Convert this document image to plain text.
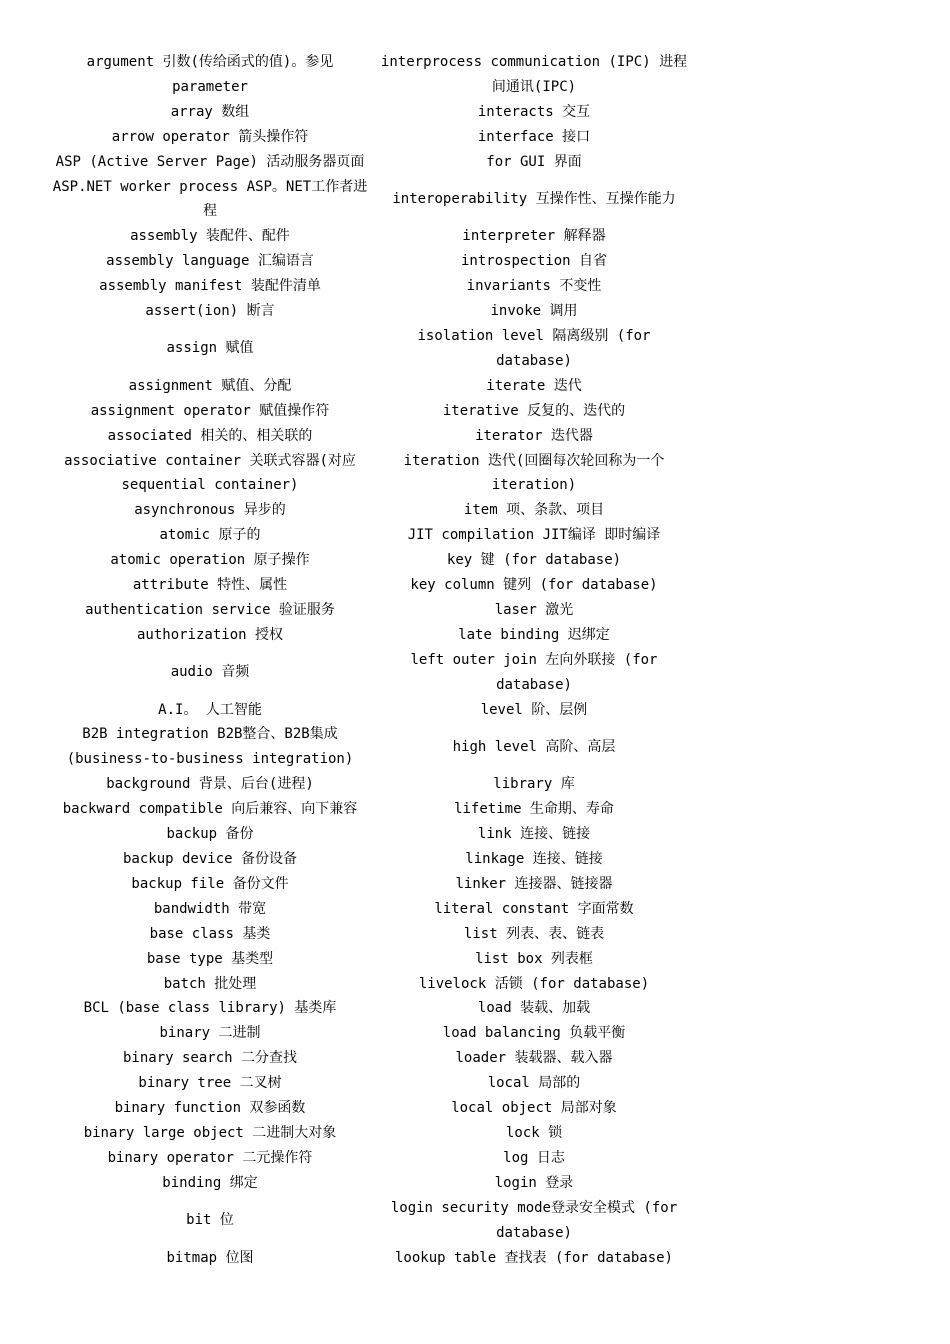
argument 引数(传给函式的值)。参见 parameter	interprocess communication (IPC) 进程间通讯(IPC)
array 数组	interacts 交互
arrow operator 箭头操作符	interface 接口
ASP (Active Server Page) 活动服务器页面	for GUI 界面
ASP.NET worker process ASP。NET工作者进程	interoperability 互操作性、互操作能力
assembly 装配件、配件	interpreter 解释器
assembly language 汇编语言	introspection 自省
assembly manifest 装配件清单	invariants 不变性
assert(ion) 断言	invoke 调用
assign 赋值	isolation level 隔离级别 (for database)
assignment 赋值、分配	iterate 迭代
assignment operator 赋值操作符	iterative 反复的、迭代的
associated 相关的、相关联的	iterator 迭代器
associative container 关联式容器(对应 sequential container)	iteration 迭代(回圈每次轮回称为一个 iteration)
asynchronous 异步的	item 项、条款、项目
atomic 原子的	JIT compilation JIT编译 即时编译
atomic operation 原子操作	key 键 (for database)
attribute 特性、属性	key column 键列 (for database)
authentication service 验证服务	laser 激光
authorization 授权	late binding 迟绑定
audio 音频	left outer join 左向外联接 (for database)
A.I。 人工智能	level 阶、层例
B2B integration B2B整合、B2B集成 (business-to-business integration)	high level 高阶、高层
background 背景、后台(进程)	library 库
backward compatible 向后兼容、向下兼容	lifetime 生命期、寿命
backup 备份	link 连接、链接
backup device 备份设备	linkage 连接、链接
backup file 备份文件	linker 连接器、链接器
bandwidth 带宽	literal constant 字面常数
base class 基类	list 列表、表、链表
base type 基类型	list box 列表框
batch 批处理	livelock 活锁 (for database)
BCL (base class library) 基类库	load 装载、加载
binary 二进制	load balancing 负载平衡
binary search 二分查找	loader 装载器、载入器
binary tree 二叉树	local 局部的
binary function 双参函数	local object 局部对象
binary large object 二进制大对象	lock 锁
binary operator 二元操作符	log 日志
binding 绑定	login 登录
bit 位	login security mode登录安全模式 (for database)
bitmap 位图	lookup table 查找表 (for database)
